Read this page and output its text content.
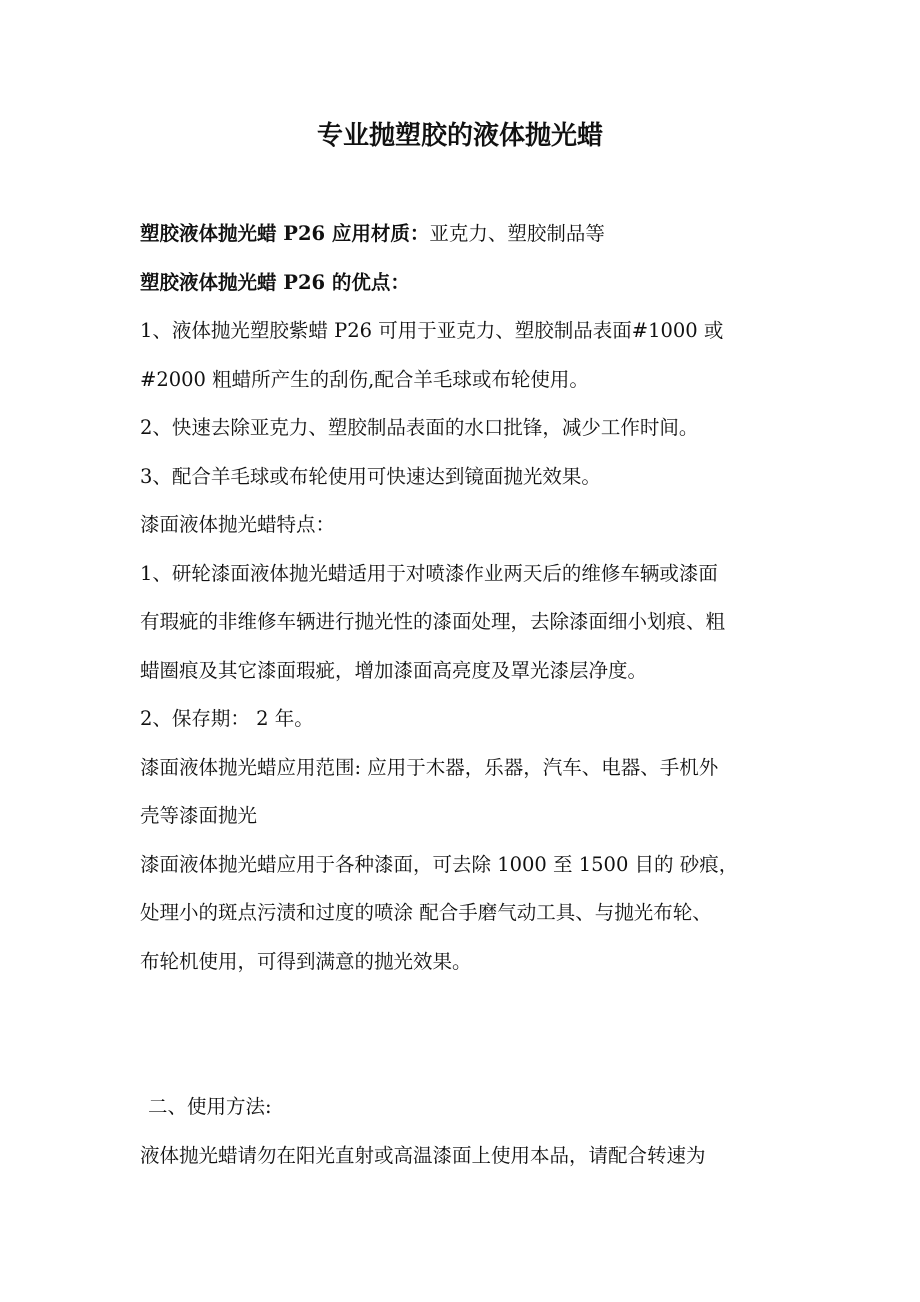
专业抛塑胶的液体抛光蜡

塑胶液体抛光蜡 P26 应用材质：亚克力、塑胶制品等

塑胶液体抛光蜡 P26 的优点：

1、液体抛光塑胶紫蜡 P26 可用于亚克力、塑胶制品表面#1000 或

#2000 粗蜡所产生的刮伤,配合羊毛球或布轮使用。

2、快速去除亚克力、塑胶制品表面的水口批锋，减少工作时间。

3、配合羊毛球或布轮使用可快速达到镜面抛光效果。

漆面液体抛光蜡特点：

1、研轮漆面液体抛光蜡适用于对喷漆作业两天后的维修车辆或漆面

有瑕疵的非维修车辆进行抛光性的漆面处理，去除漆面细小划痕、粗

蜡圈痕及其它漆面瑕疵，增加漆面高亮度及罩光漆层净度。

2、保存期： 2 年。

漆面液体抛光蜡应用范围: 应用于木器，乐器，汽车、电器、手机外

壳等漆面抛光

漆面液体抛光蜡应用于各种漆面，可去除 1000 至 1500 目的 砂痕，

处理小的斑点污渍和过度的喷涂 配合手磨气动工具、与抛光布轮、

布轮机使用，可得到满意的抛光效果。

二、使用方法:

液体抛光蜡请勿在阳光直射或高温漆面上使用本品，请配合转速为
